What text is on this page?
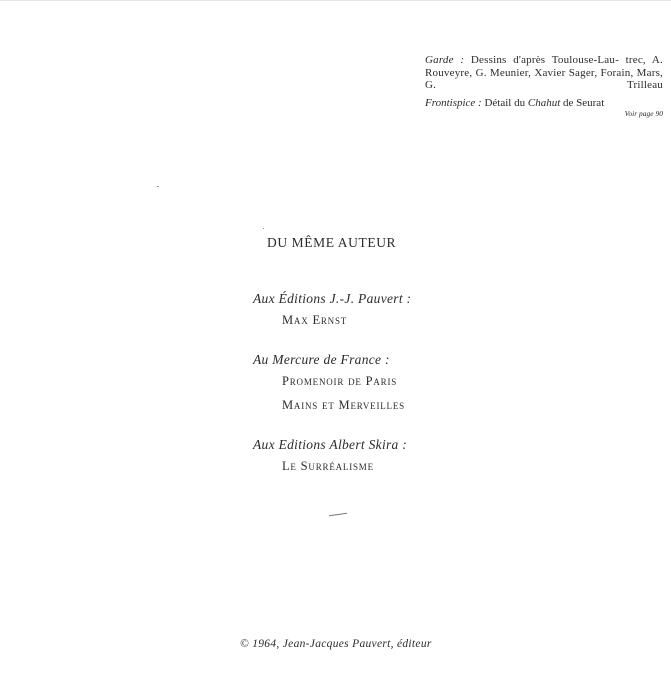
Garde : Dessins d'après Toulouse-Lau- trec, A. Rouveyre, G. Meunier, Xavier Sager, Forain, Mars, G. Trilleau

Frontispice : Détail du Chahut de Seurat

Voir page 90

DU MÊME AUTEUR

Aux Éditions J.-J. Pauvert :

Max Ernst

Au Mercure de France :

Promenoir de Paris

Mains et Merveilles

Aux Editions Albert Skira :

Le Surréalisme

© 1964, Jean-Jacques Pauvert, éditeur
